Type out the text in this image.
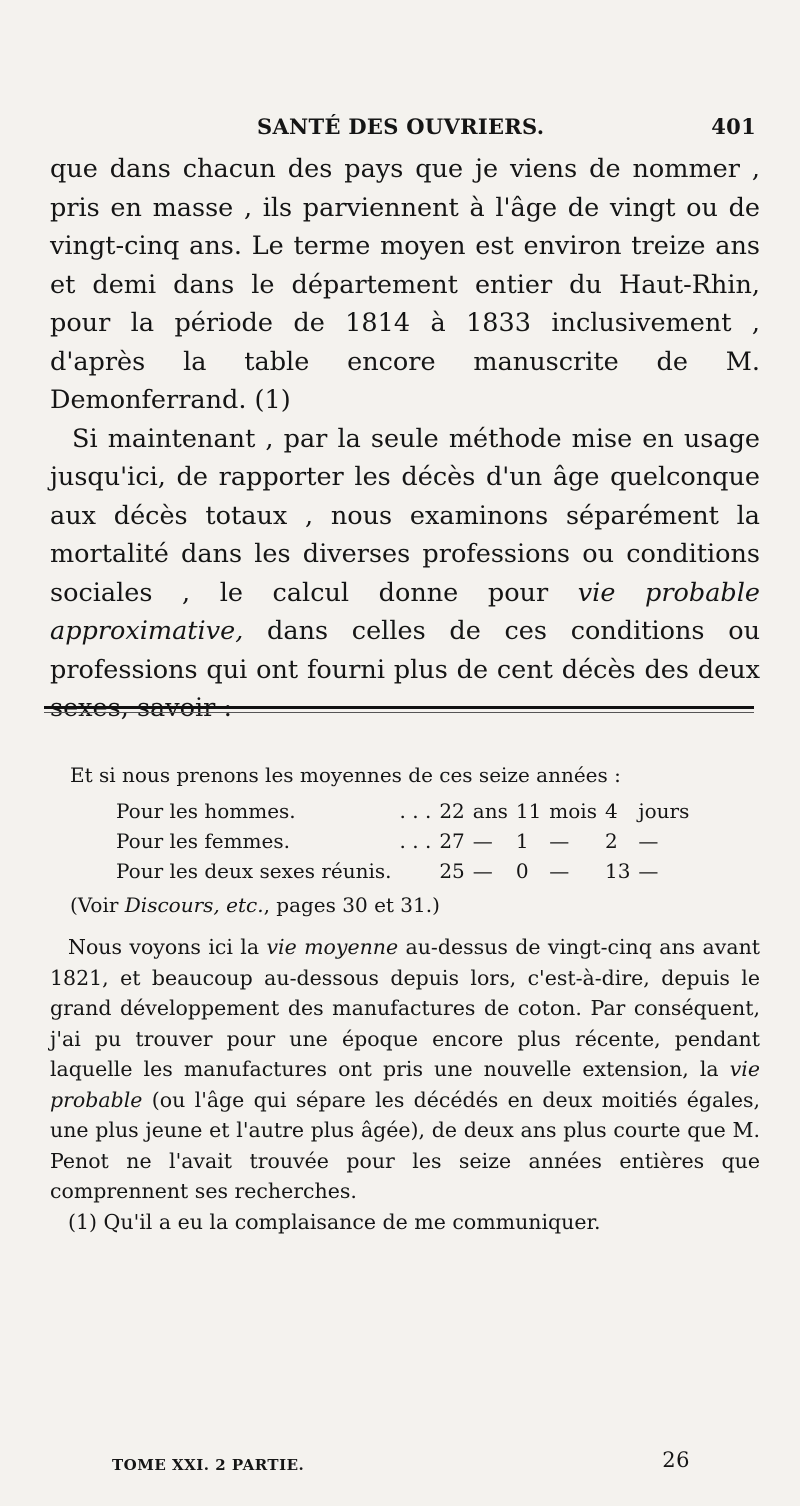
SANTÉ DES OUVRIERS.	401

que dans chacun des pays que je viens de nommer , pris en masse , ils parviennent à l'âge de vingt ou de vingt-cinq ans. Le terme moyen est environ treize ans et demi dans le département entier du Haut-Rhin, pour la période de 1814 à 1833 inclusivement , d'après la table encore manuscrite de M. Demonferrand. (1)

Si maintenant , par la seule méthode mise en usage jusqu'ici, de rapporter les décès d'un âge quelconque aux décès totaux , nous examinons séparément la mortalité dans les diverses professions ou conditions sociales , le calcul donne pour vie probable approximative, dans celles de ces conditions ou professions qui ont fourni plus de cent décès des deux sexes, savoir :

Et si nous prenons les moyennes de ces seize années :

Pour les hommes.	. . .	22	ans	11	mois	4	jours
Pour les femmes.	. . .	27	—	1	—	2	—
Pour les deux sexes réunis.		25	—	0	—	13	—

(Voir Discours, etc., pages 30 et 31.)

Nous voyons ici la vie moyenne au-dessus de vingt-cinq ans avant 1821, et beaucoup au-dessous depuis lors, c'est-à-dire, depuis le grand développement des manufactures de coton. Par conséquent, j'ai pu trouver pour une époque encore plus récente, pendant laquelle les manufactures ont pris une nouvelle extension, la vie probable (ou l'âge qui sépare les décédés en deux moitiés égales, une plus jeune et l'autre plus âgée), de deux ans plus courte que M. Penot ne l'avait trouvée pour les seize années entières que comprennent ses recherches.

(1) Qu'il a eu la complaisance de me communiquer.

TOME XXI. 2 PARTIE.	26
